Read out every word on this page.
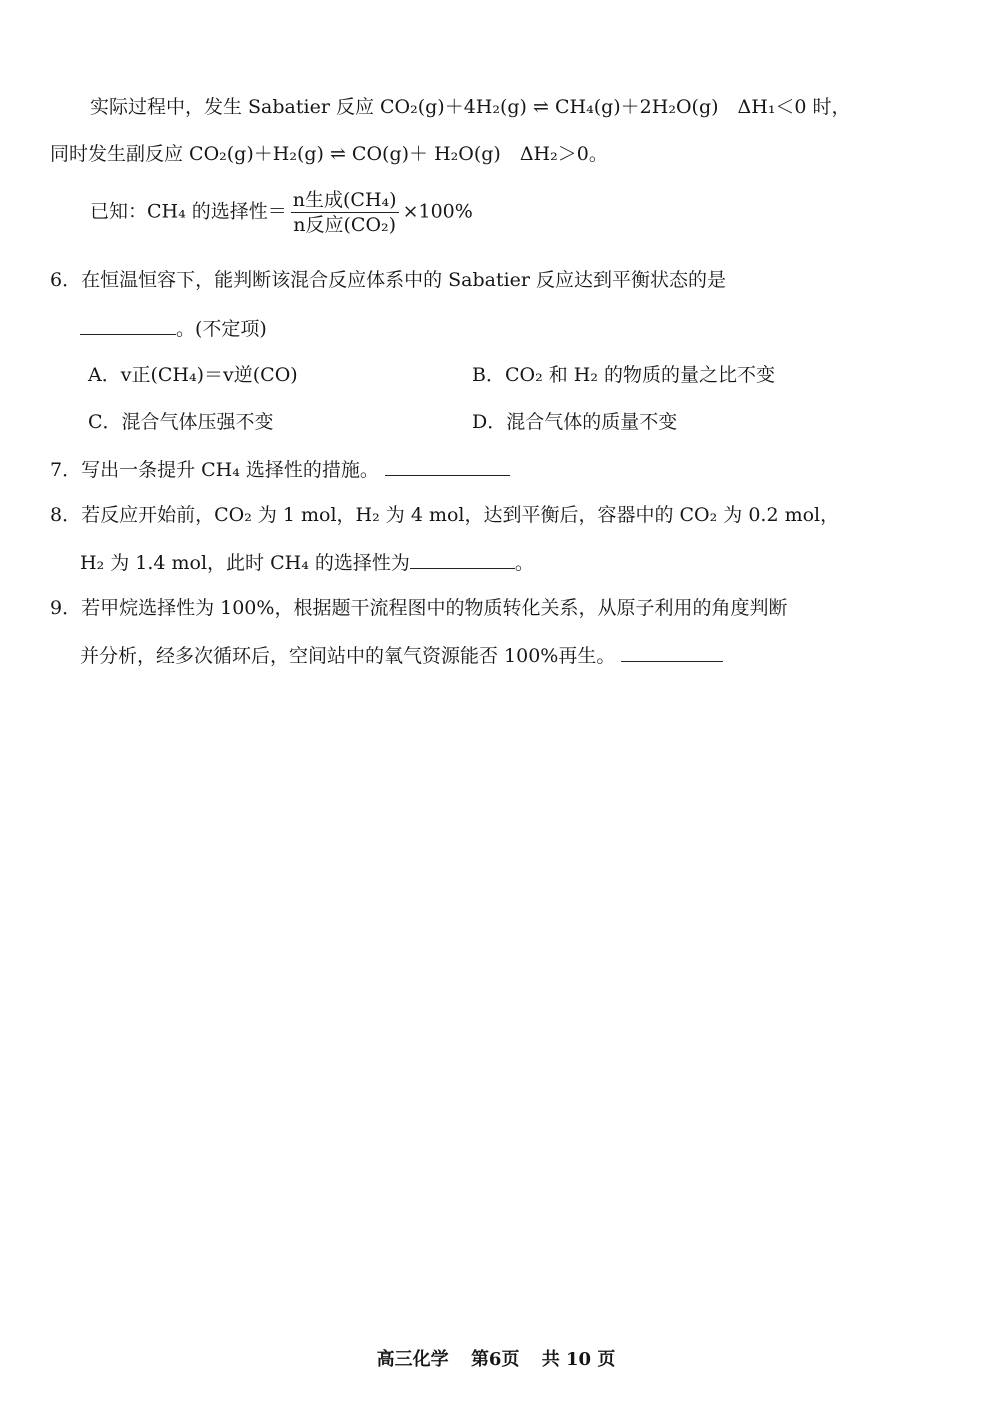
实际过程中，发生 Sabatier 反应 CO₂(g)＋4H₂(g) ⇌ CH₄(g)＋2H₂O(g)　ΔH₁＜0 时，
同时发生副反应 CO₂(g)＋H₂(g) ⇌ CO(g)＋ H₂O(g)　ΔH₂＞0。
已知：CH₄ 的选择性＝ $\frac{\text{n生成(CH₄)}}{\text{n反应(CO₂)}} \times 100\%$
6．在恒温恒容下，能判断该混合反应体系中的 Sabatier 反应达到平衡状态的是
。(不定项)
A．v正(CH₄)＝v逆(CO)	B．CO₂ 和 H₂ 的物质的量之比不变
C．混合气体压强不变	D．混合气体的质量不变
7．写出一条提升 CH₄ 选择性的措施。
8．若反应开始前，CO₂ 为 1 mol，H₂ 为 4 mol，达到平衡后，容器中的 CO₂ 为 0.2 mol，
H₂ 为 1.4 mol，此时 CH₄ 的选择性为	。
9．若甲烷选择性为 100%，根据题干流程图中的物质转化关系，从原子利用的角度判断
并分析，经多次循环后，空间站中的氧气资源能否 100%再生。
高三化学 第6页 共 10 页
